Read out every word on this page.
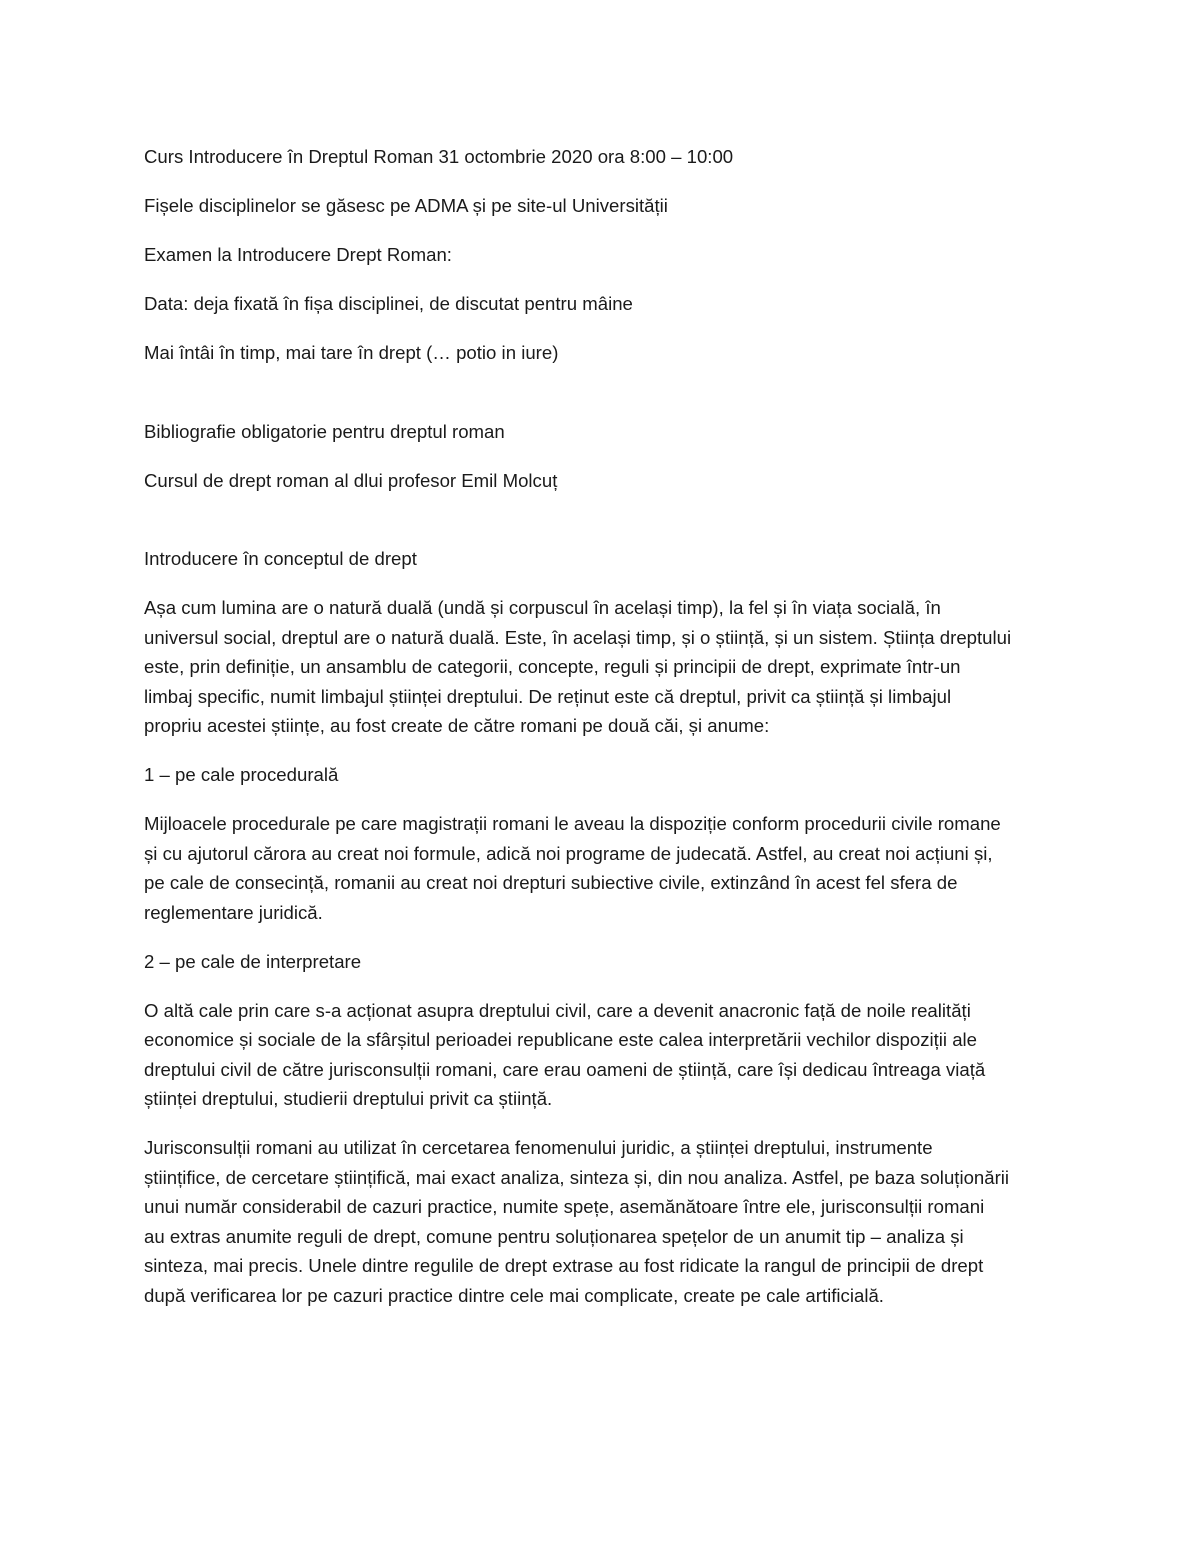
Curs Introducere în Dreptul Roman 31 octombrie 2020 ora 8:00 – 10:00

Fișele disciplinelor se găsesc pe ADMA și pe site-ul Universității

Examen la Introducere Drept Roman:

Data: deja fixată în fișa disciplinei, de discutat pentru mâine

Mai întâi în timp, mai tare în drept (… potio in iure)

Bibliografie obligatorie pentru dreptul roman

Cursul de drept roman al dlui profesor Emil Molcuț

Introducere în conceptul de drept

Așa cum lumina are o natură duală (undă și corpuscul în același timp), la fel și în viața socială, în
universul social, dreptul are o natură duală. Este, în același timp, și o știință, și un sistem. Știința dreptului
este, prin definiție, un ansamblu de categorii, concepte, reguli și principii de drept, exprimate într-un
limbaj specific, numit limbajul științei dreptului. De reținut este că dreptul, privit ca știință și limbajul
propriu acestei științe, au fost create de către romani pe două căi, și anume:

1 – pe cale procedurală

Mijloacele procedurale pe care magistrații romani le aveau la dispoziție conform procedurii civile romane
și cu ajutorul cărora au creat noi formule, adică noi programe de judecată. Astfel, au creat noi acțiuni și,
pe cale de consecință, romanii au creat noi drepturi subiective civile, extinzând în acest fel sfera de
reglementare juridică.

2 – pe cale de interpretare

O altă cale prin care s-a acționat asupra dreptului civil, care a devenit anacronic față de noile realități
economice și sociale de la sfârșitul perioadei republicane este calea interpretării vechilor dispoziții ale
dreptului civil de către jurisconsulții romani, care erau oameni de știință, care își dedicau întreaga viață
științei dreptului, studierii dreptului privit ca știință.

Jurisconsulții romani au utilizat în cercetarea fenomenului juridic, a științei dreptului, instrumente
științifice, de cercetare științifică, mai exact analiza, sinteza și, din nou analiza. Astfel, pe baza soluționării
unui număr considerabil de cazuri practice, numite spețe, asemănătoare între ele, jurisconsulții romani
au extras anumite reguli de drept, comune pentru soluționarea spețelor de un anumit tip – analiza și
sinteza, mai precis. Unele dintre regulile de drept extrase au fost ridicate la rangul de principii de drept
după verificarea lor pe cazuri practice dintre cele mai complicate, create pe cale artificială.
